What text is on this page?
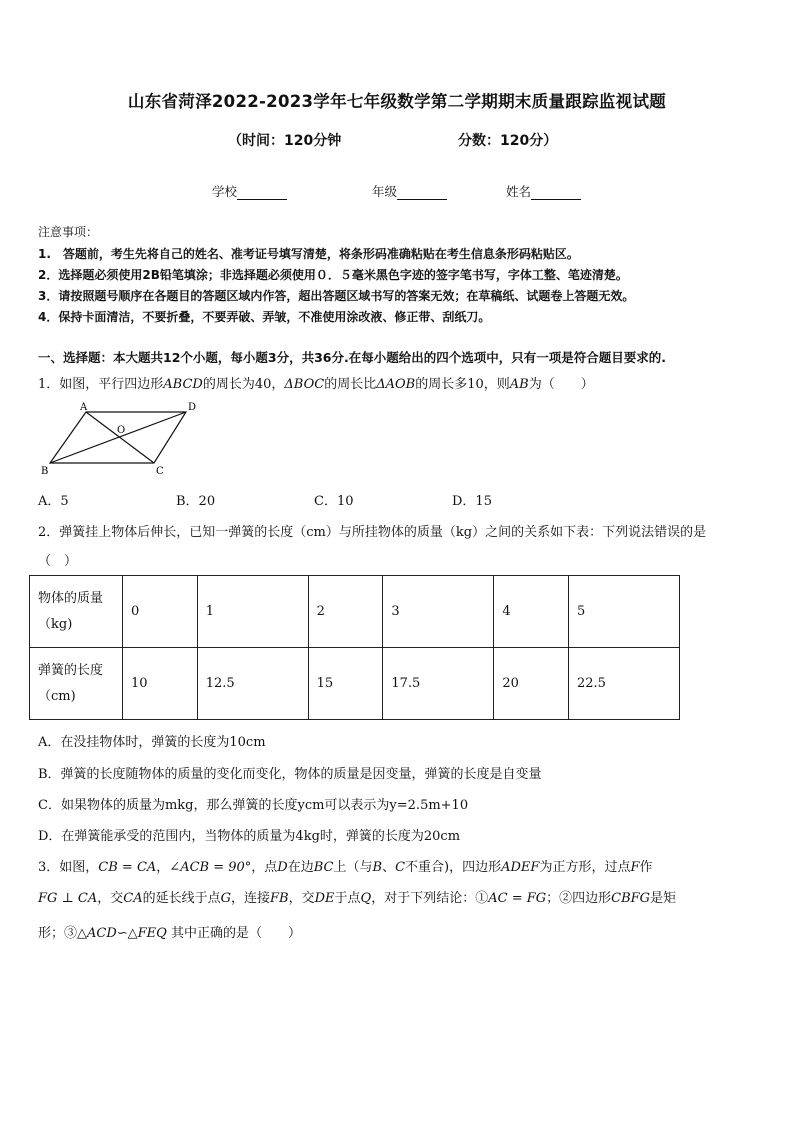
山东省菏泽2022-2023学年七年级数学第二学期期末质量跟踪监视试题
（时间：120分钟	分数：120分）
学校	年级	姓名
注意事项：
1.　答题前，考生先将自己的姓名、准考证号填写清楚，将条形码准确粘贴在考生信息条形码粘贴区。
2．选择题必须使用2B铅笔填涂；非选择题必须使用０．５毫米黑色字迹的签字笔书写，字体工整、笔迹清楚。
3．请按照题号顺序在各题目的答题区域内作答，超出答题区域书写的答案无效；在草稿纸、试题卷上答题无效。
4．保持卡面清洁，不要折叠，不要弄破、弄皱，不准使用涂改液、修正带、刮纸刀。
一、选择题：本大题共12个小题，每小题3分，共36分.在每小题给出的四个选项中，只有一项是符合题目要求的.
1．如图，平行四边形ABCD的周长为40，ΔBOC的周长比ΔAOB的周长多10，则AB为（　　）
A	D
O
B	C
A．5	B．20	C．10	D．15
2．弹簧挂上物体后伸长，已知一弹簧的长度（cm）与所挂物体的质量（kg）之间的关系如下表：下列说法错误的是
（　）
物体的质量
（kg)	0	1	2	3	4	5
弹簧的长度
（cm)	10	12.5	15	17.5	20	22.5
A．在没挂物体时，弹簧的长度为10cm
B．弹簧的长度随物体的质量的变化而变化，物体的质量是因变量，弹簧的长度是自变量
C．如果物体的质量为mkg，那么弹簧的长度ycm可以表示为y=2.5m+10
D．在弹簧能承受的范围内，当物体的质量为4kg时，弹簧的长度为20cm
3．如图，CB = CA，∠ACB = 90°，点D在边BC上（与B、C不重合)，四边形ADEF为正方形，过点F作
FG ⊥ CA，交CA的延长线于点G，连接FB，交DE于点Q，对于下列结论：①AC = FG；②四边形CBFG是矩
形；③△ACD∽△FEQ 其中正确的是（　　）
